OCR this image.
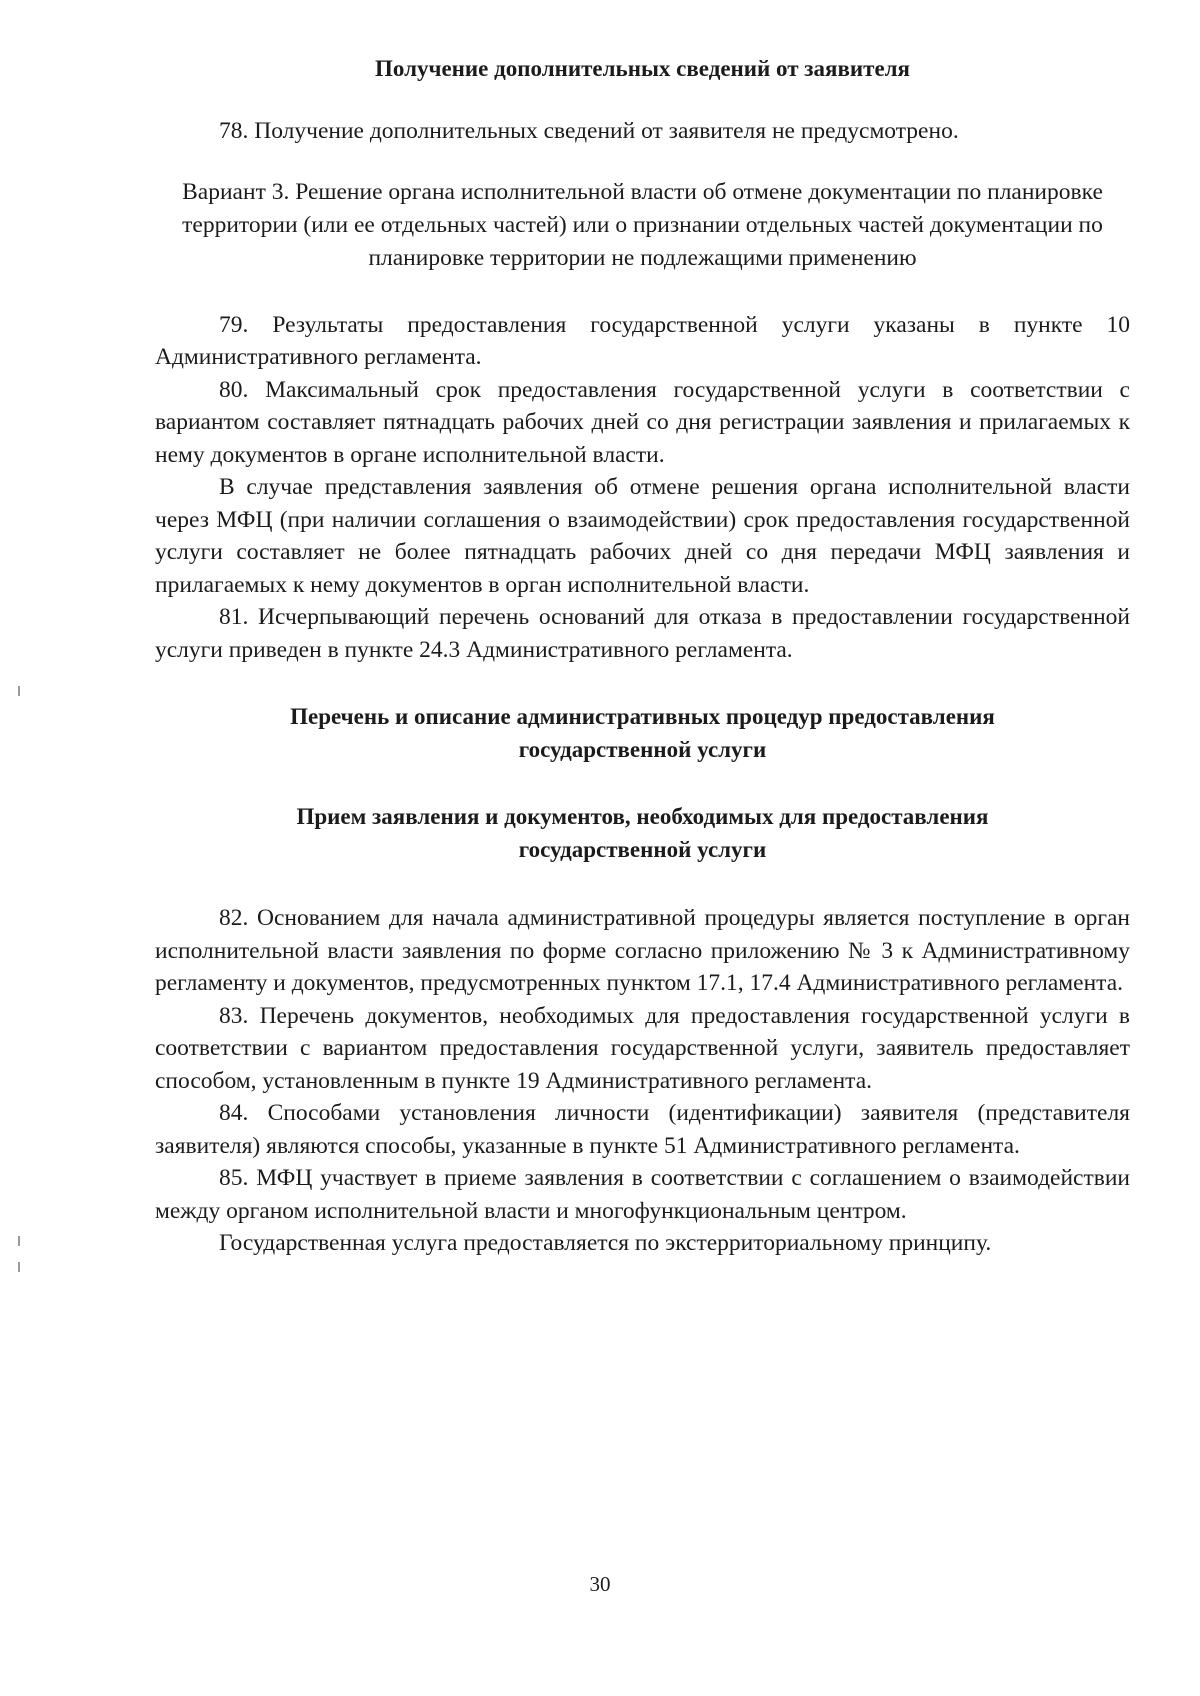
Получение дополнительных сведений от заявителя

78. Получение дополнительных сведений от заявителя не предусмотрено.

Вариант 3. Решение органа исполнительной власти об отмене документации по планировке территории (или ее отдельных частей) или о признании отдельных частей документации по планировке территории не подлежащими применению

79. Результаты предоставления государственной услуги указаны в пункте 10 Административного регламента.

80. Максимальный срок предоставления государственной услуги в соответствии с вариантом составляет пятнадцать рабочих дней со дня регистрации заявления и прилагаемых к нему документов в органе исполнительной власти.

В случае представления заявления об отмене решения органа исполнительной власти через МФЦ (при наличии соглашения о взаимодействии) срок предоставления государственной услуги составляет не более пятнадцать рабочих дней со дня передачи МФЦ заявления и прилагаемых к нему документов в орган исполнительной власти.

81. Исчерпывающий перечень оснований для отказа в предоставлении государственной услуги приведен в пункте 24.3 Административного регламента.

Перечень и описание административных процедур предоставления государственной услуги

Прием заявления и документов, необходимых для предоставления государственной услуги

82. Основанием для начала административной процедуры является поступление в орган исполнительной власти заявления по форме согласно приложению № 3 к Административному регламенту и документов, предусмотренных пунктом 17.1, 17.4 Административного регламента.

83. Перечень документов, необходимых для предоставления государственной услуги в соответствии с вариантом предоставления государственной услуги, заявитель предоставляет способом, установленным в пункте 19 Административного регламента.

84. Способами установления личности (идентификации) заявителя (представителя заявителя) являются способы, указанные в пункте 51 Административного регламента.

85. МФЦ участвует в приеме заявления в соответствии с соглашением о взаимодействии между органом исполнительной власти и многофункциональным центром.

Государственная услуга предоставляется по экстерриториальному принципу.

30
